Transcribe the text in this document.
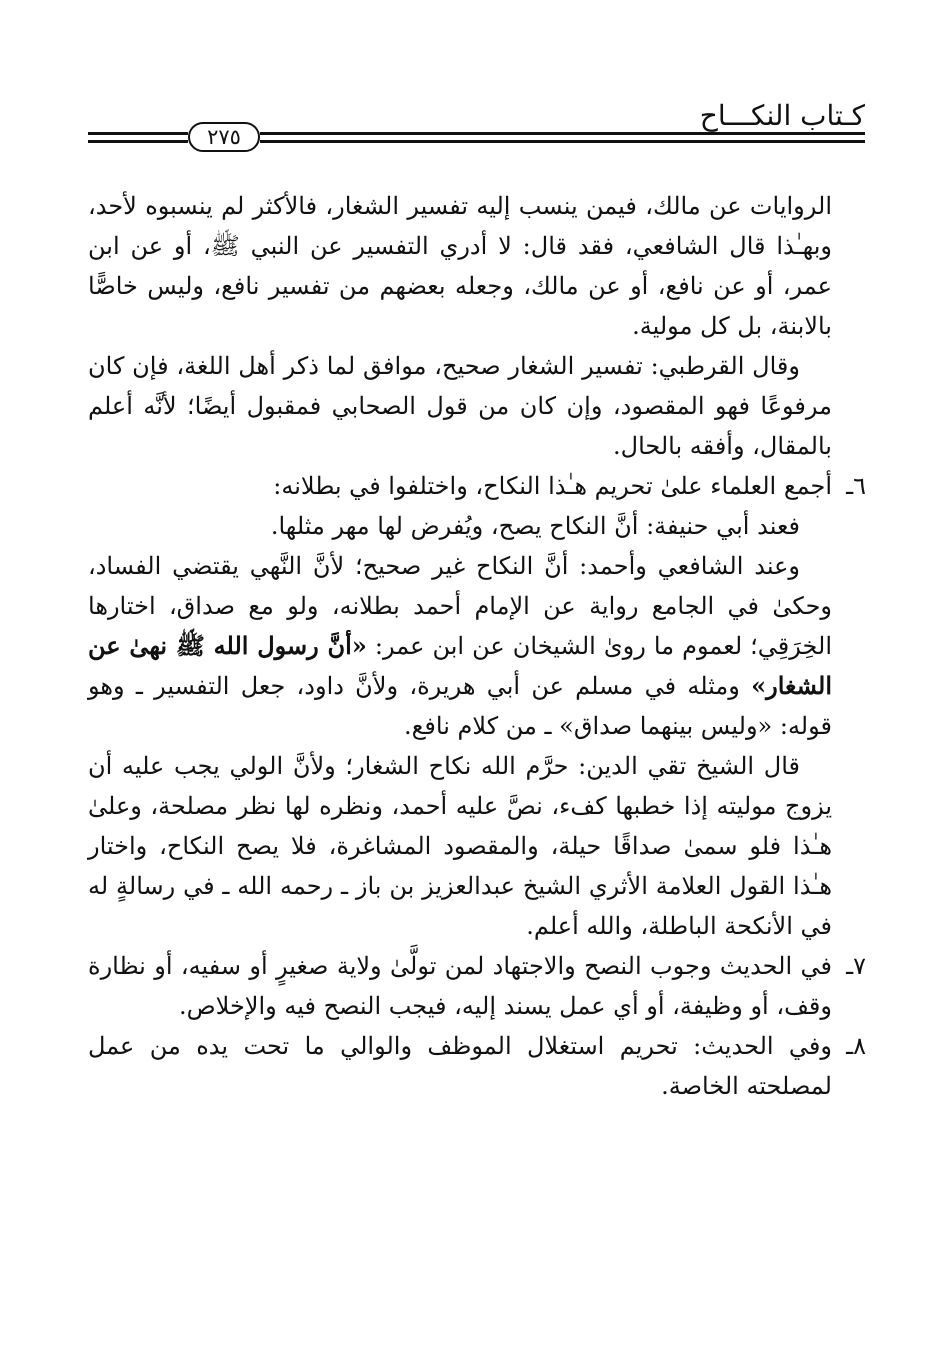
كـتاب النكـــاح
٢٧٥

الروايات عن مالك، فيمن ينسب إليه تفسير الشغار، فالأكثر لم ينسبوه لأحد، وبهـٰذا قال الشافعي، فقد قال: لا أدري التفسير عن النبي ﷺ، أو عن ابن عمر، أو عن نافع، أو عن مالك، وجعله بعضهم من تفسير نافع، وليس خاصًّا بالابنة، بل كل مولية.

وقال القرطبي: تفسير الشغار صحيح، موافق لما ذكر أهل اللغة، فإن كان مرفوعًا فهو المقصود، وإن كان من قول الصحابي فمقبول أيضًا؛ لأنَّه أعلم بالمقال، وأفقه بالحال.

٦ـ

أجمع العلماء علىٰ تحريم هـٰذا النكاح، واختلفوا في بطلانه:

فعند أبي حنيفة: أنَّ النكاح يصح، ويُفرض لها مهر مثلها.

وعند الشافعي وأحمد: أنَّ النكاح غير صحيح؛ لأنَّ النَّهي يقتضي الفساد، وحكىٰ في الجامع رواية عن الإمام أحمد بطلانه، ولو مع صداق، اختارها الخِرَقِي؛ لعموم ما روىٰ الشيخان عن ابن عمر: «أنَّ رسول الله ﷺ نهىٰ عن الشغار» ومثله في مسلم عن أبي هريرة، ولأنَّ داود، جعل التفسير ـ وهو قوله: «وليس بينهما صداق» ـ من كلام نافع.

قال الشيخ تقي الدين: حرَّم الله نكاح الشغار؛ ولأنَّ الولي يجب عليه أن يزوج موليته إذا خطبها كفء، نصَّ عليه أحمد، ونظره لها نظر مصلحة، وعلىٰ هـٰذا فلو سمىٰ صداقًا حيلة، والمقصود المشاغرة، فلا يصح النكاح، واختار هـٰذا القول العلامة الأثري الشيخ عبدالعزيز بن باز ـ رحمه الله ـ في رسالةٍ له في الأنكحة الباطلة، والله أعلم.

٧ـ

في الحديث وجوب النصح والاجتهاد لمن تولَّىٰ ولاية صغيرٍ أو سفيه، أو نظارة وقف، أو وظيفة، أو أي عمل يسند إليه، فيجب النصح فيه والإخلاص.

٨ـ

وفي الحديث: تحريم استغلال الموظف والوالي ما تحت يده من عمل لمصلحته الخاصة.
